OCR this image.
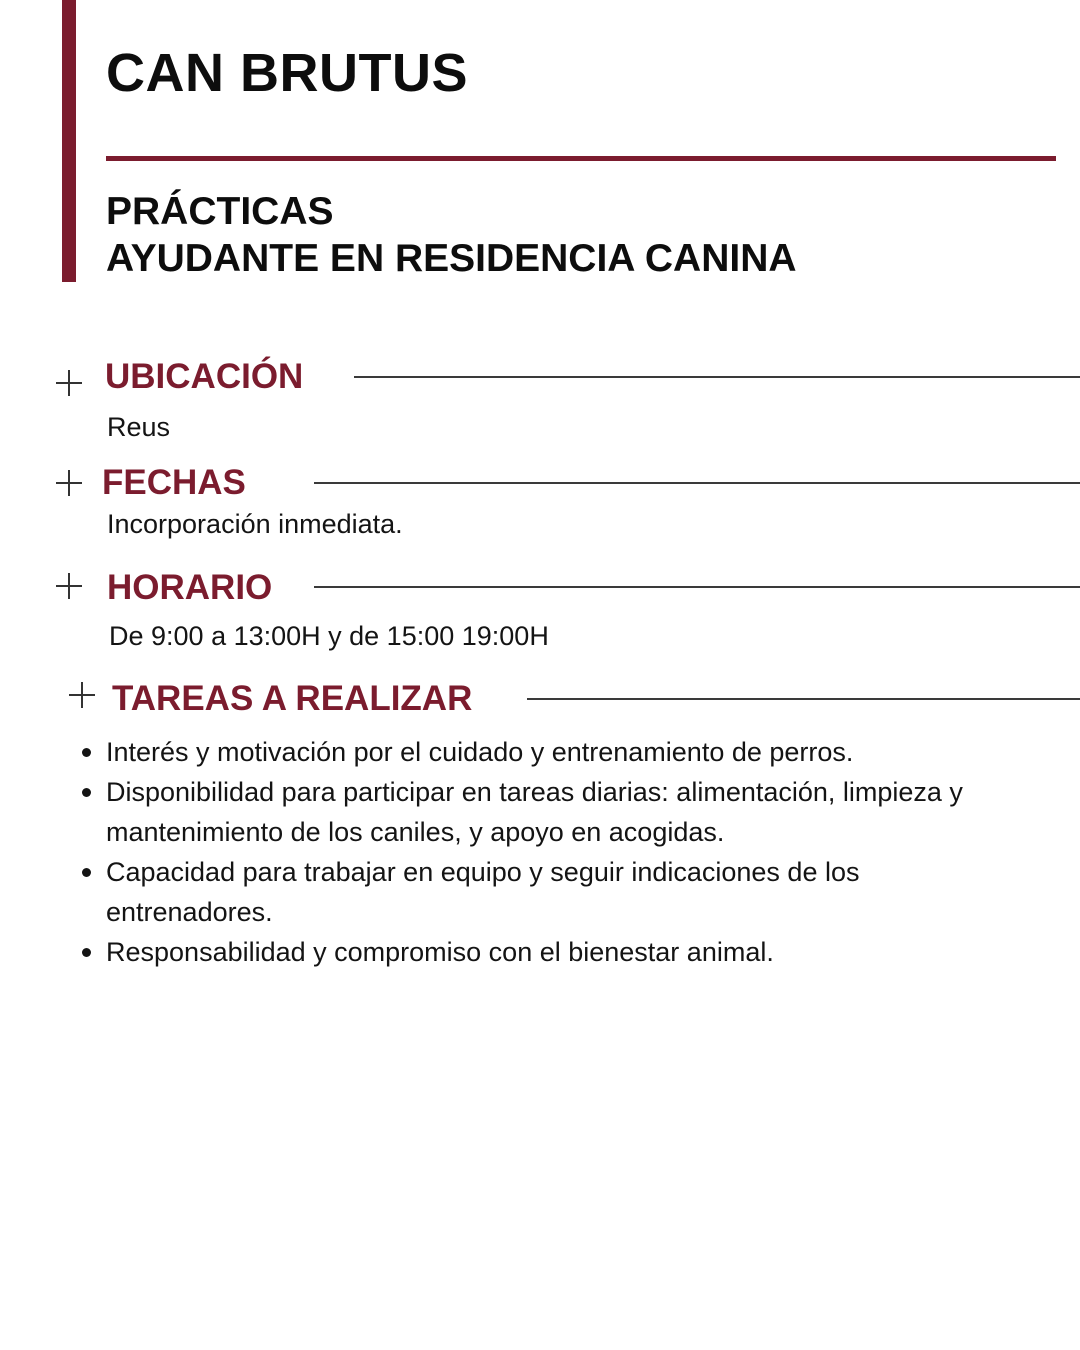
CAN BRUTUS
PRÁCTICAS
AYUDANTE EN RESIDENCIA CANINA
UBICACIÓN
Reus
FECHAS
Incorporación inmediata.
HORARIO
De 9:00 a 13:00H y de 15:00 19:00H
TAREAS A REALIZAR
Interés y motivación por el cuidado y entrenamiento de perros.
Disponibilidad para participar en tareas diarias: alimentación, limpieza y mantenimiento de los caniles, y apoyo en acogidas.
Capacidad para trabajar en equipo y seguir indicaciones de los entrenadores.
Responsabilidad y compromiso con el bienestar animal.
